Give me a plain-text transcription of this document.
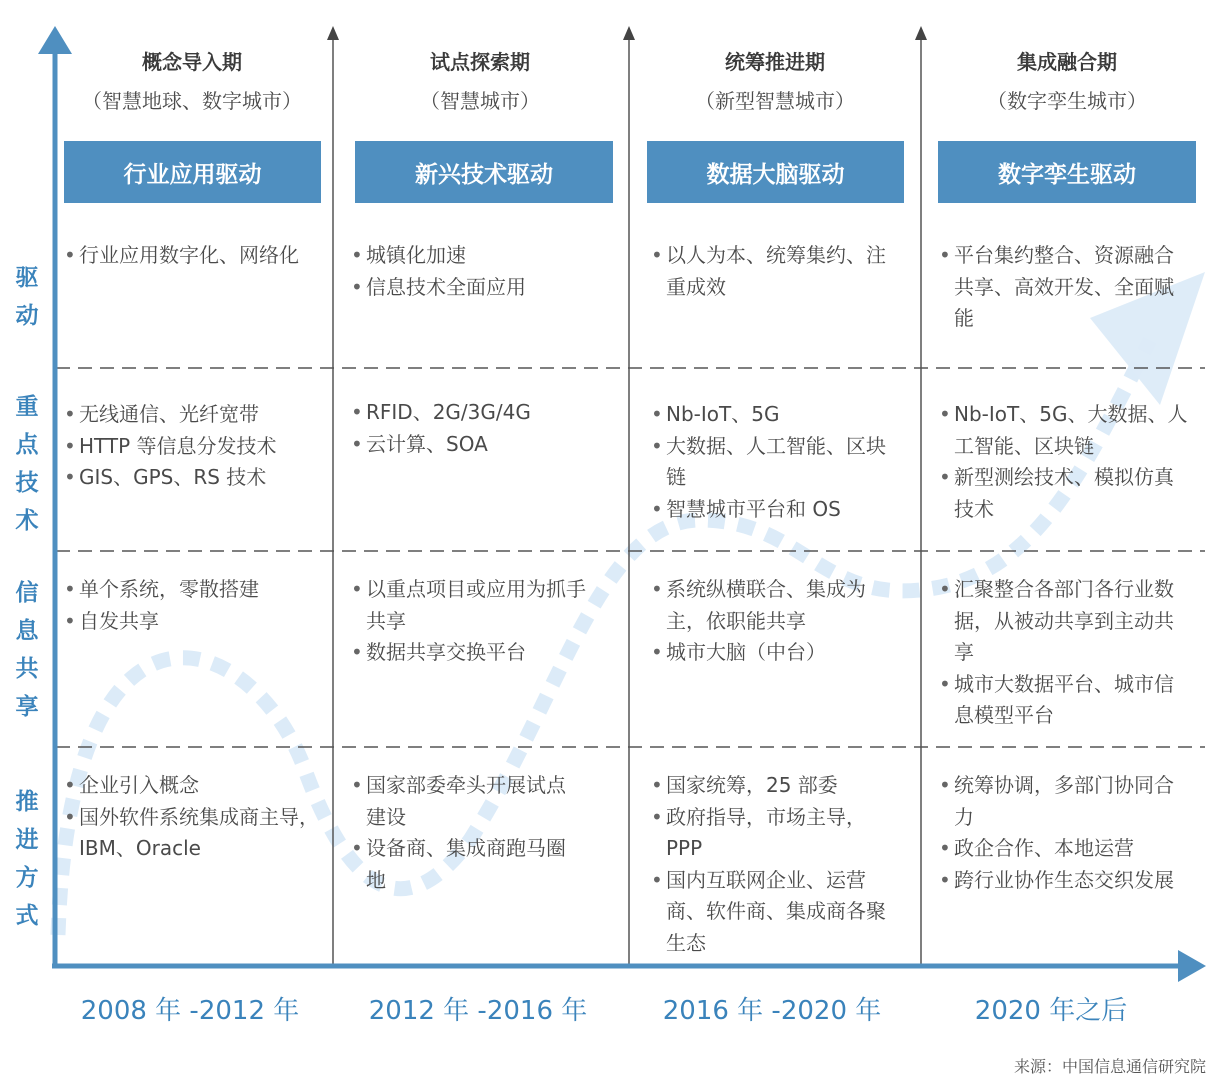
概念导入期	试点探索期	统筹推进期	集成融合期
（智慧地球、数字城市）	（智慧城市）	（新型智慧城市）	（数字孪生城市）
行业应用驱动	新兴技术驱动	数据大脑驱动	数字孪生驱动
驱
动
重
点
技
术
信
息
共
享
推
进
方
式
• 行业应用数字化、网络化
•	城镇化加速
• 信息技术全面应用
• 以人为本、统筹集约、注重成效
• 平台集约整合、资源融合共享、高效开发、全面赋能
• 无线通信、光纤宽带
• HTTP 等信息分发技术
• GIS、GPS、RS 技术
• RFID、2G/3G/4G
• 云计算、SOA
• Nb-IoT、5G
• 大数据、人工智能、区块链
• 智慧城市平台和 OS
• Nb-IoT、5G、大数据、人工智能、区块链
• 新型测绘技术、模拟仿真技术
• 单个系统，零散搭建
• 自发共享
• 以重点项目或应用为抓手共享
• 数据共享交换平台
• 系统纵横联合、集成为主，依职能共享
• 城市大脑（中台）
• 汇聚整合各部门各行业数据，从被动共享到主动共享
• 城市大数据平台、城市信息模型平台
• 企业引入概念
• 国外软件系统集成商主导，IBM、Oracle
• 国家部委牵头开展试点建设
• 设备商、集成商跑马圈地
• 国家统筹，25 部委
• 政府指导，市场主导，PPP
• 国内互联网企业、运营商、软件商、集成商各聚生态
• 统筹协调，多部门协同合力
• 政企合作、本地运营
• 跨行业协作生态交织发展
2008 年 -2012 年	2012 年 -2016 年	2016 年 -2020 年	2020 年之后
来源：中国信息通信研究院
